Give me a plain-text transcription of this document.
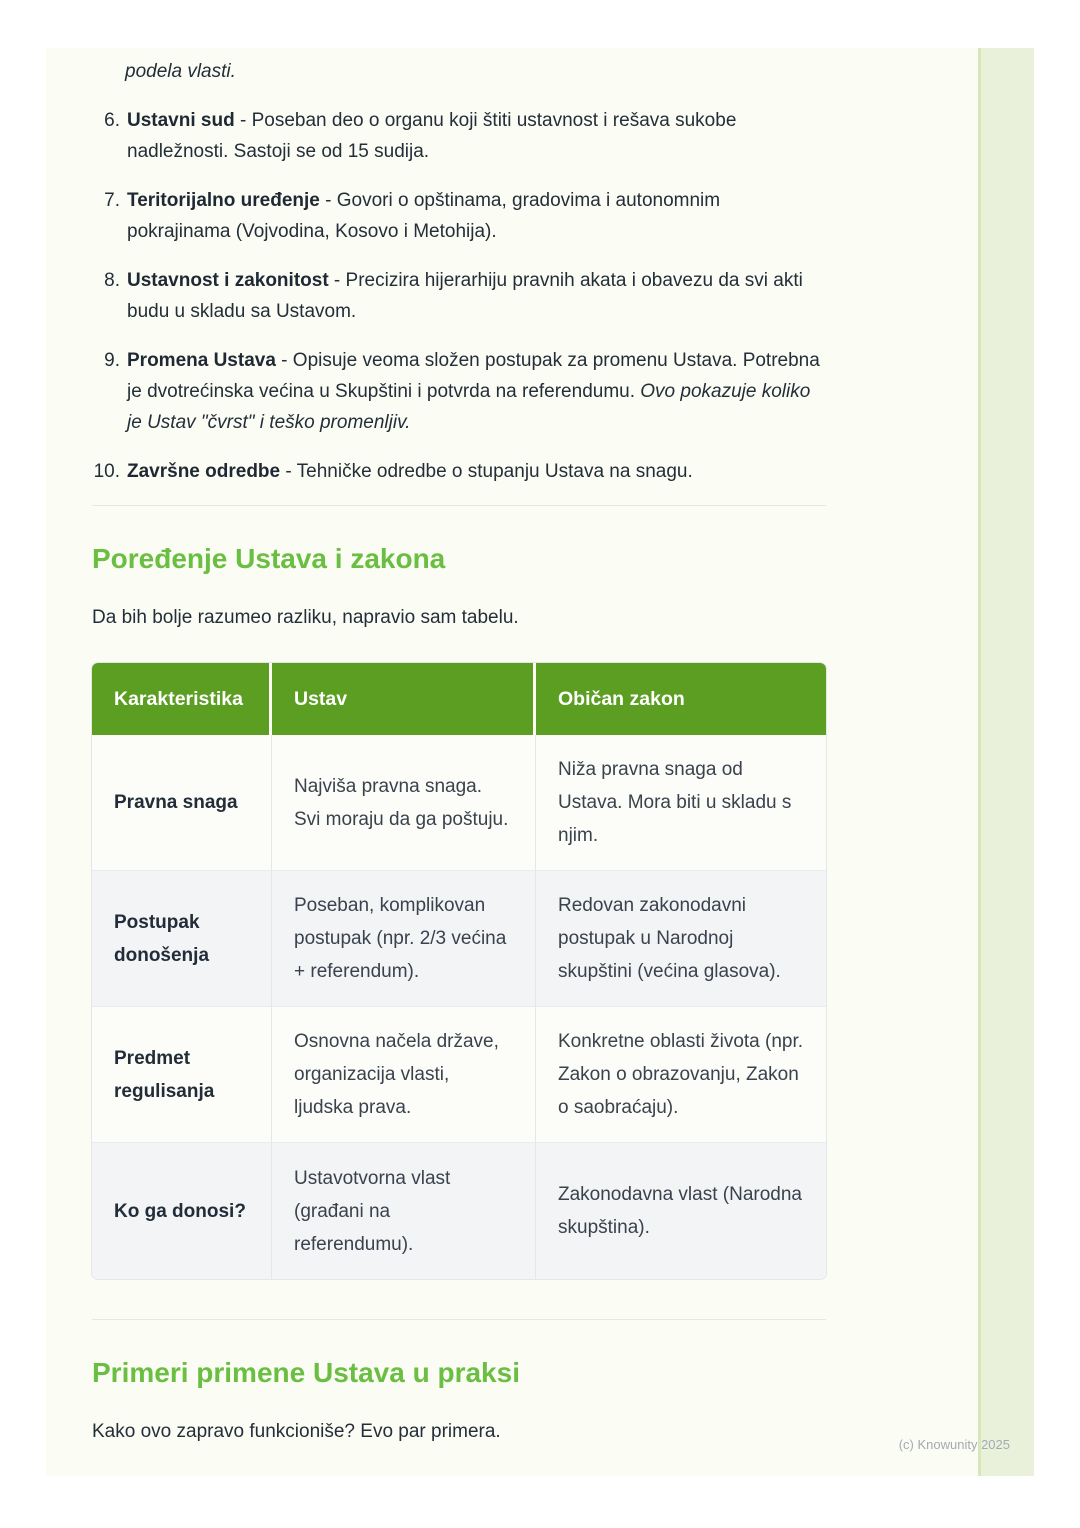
podela vlasti.

6. Ustavni sud - Poseban deo o organu koji štiti ustavnost i rešava sukobe nadležnosti. Sastoji se od 15 sudija.
7. Teritorijalno uređenje - Govori o opštinama, gradovima i autonomnim pokrajinama (Vojvodina, Kosovo i Metohija).
8. Ustavnost i zakonitost - Precizira hijerarhiju pravnih akata i obavezu da svi akti budu u skladu sa Ustavom.
9. Promena Ustava - Opisuje veoma složen postupak za promenu Ustava. Potrebna je dvotrećinska većina u Skupštini i potvrda na referendumu. Ovo pokazuje koliko je Ustav "čvrst" i teško promenljiv.
10. Završne odredbe - Tehničke odredbe o stupanju Ustava na snagu.
Poređenje Ustava i zakona

Da bih bolje razumeo razliku, napravio sam tabelu.

Karakteristika	Ustav	Običan zakon
Pravna snaga	Najviša pravna snaga. Svi moraju da ga poštuju.	Niža pravna snaga od Ustava. Mora biti u skladu s njim.
Postupak donošenja	Poseban, komplikovan postupak (npr. 2/3 većina + referendum).	Redovan zakonodavni postupak u Narodnoj skupštini (većina glasova).
Predmet regulisanja	Osnovna načela države, organizacija vlasti, ljudska prava.	Konkretne oblasti života (npr. Zakon o obrazovanju, Zakon o saobraćaju).
Ko ga donosi?	Ustavotvorna vlast (građani na referendumu).	Zakonodavna vlast (Narodna skupština).
Primeri primene Ustava u praksi

Kako ovo zapravo funkcioniše? Evo par primera.

(c) Knowunity 2025
